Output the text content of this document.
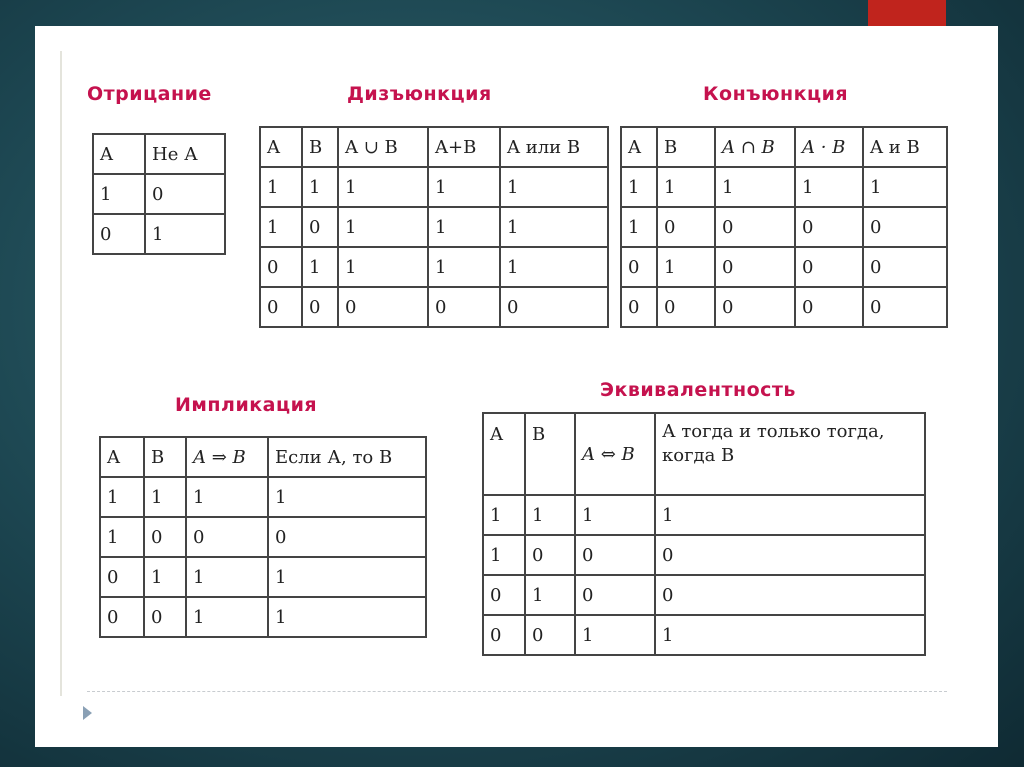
Отрицание
A	Не А
1	0
0	1
Дизъюнкция
A	B	A ∪ B	A+B	A или B
1	1	1	1	1
1	0	1	1	1
0	1	1	1	1
0	0	0	0	0
Конъюнкция
A	B	A ∩ B	A · B	A и B
1	1	1	1	1
1	0	0	0	0
0	1	0	0	0
0	0	0	0	0
Импликация
A	B	A ⇒ B	Если А, то В
1	1	1	1
1	0	0	0
0	1	1	1
0	0	1	1
Эквивалентность
A	B	A ⇔ B	А тогда и только тогда, когда В
1	1	1	1
1	0	0	0
0	1	0	0
0	0	1	1
